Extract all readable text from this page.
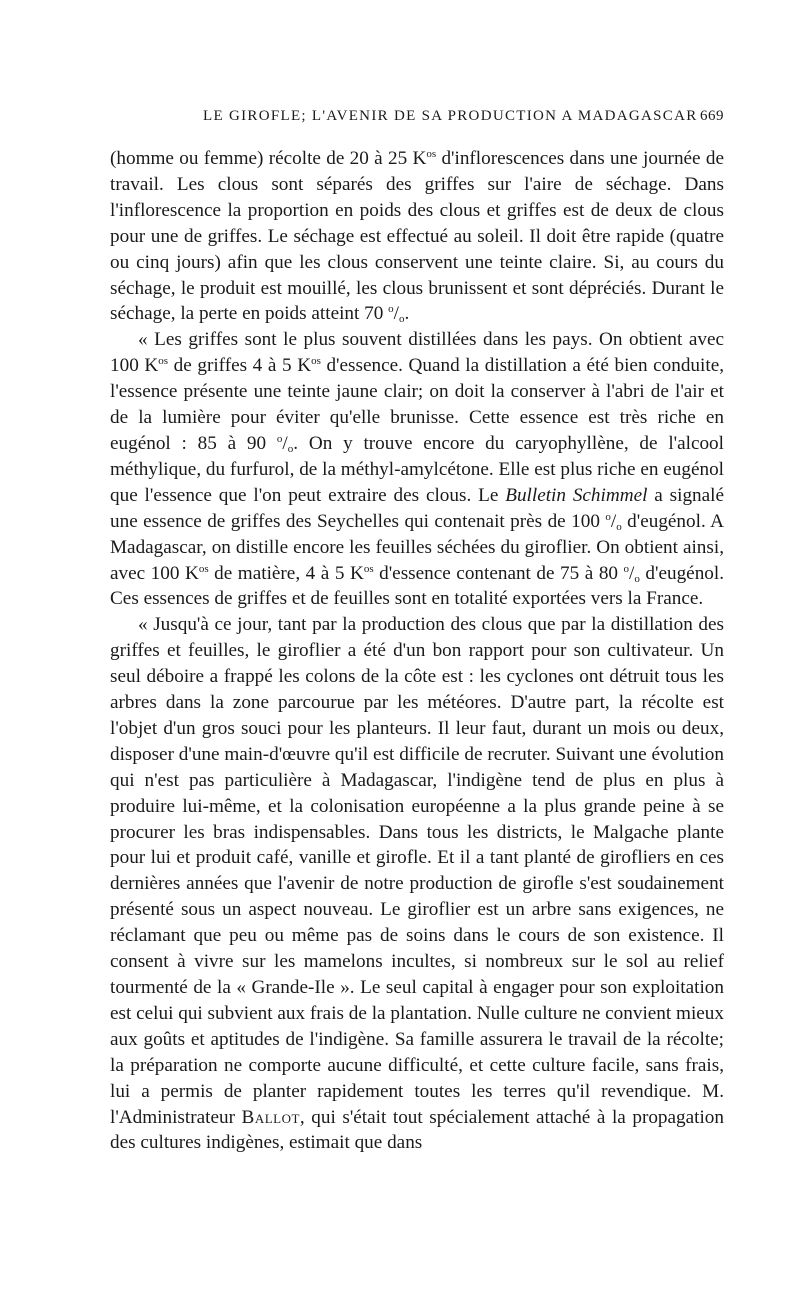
LE GIROFLE; L'AVENIR DE SA PRODUCTION A MADAGASCAR 669

(homme ou femme) récolte de 20 à 25 $K^{os}$ d'inflorescences dans une journée de travail. Les clous sont séparés des griffes sur l'aire de séchage. Dans l'inflorescence la proportion en poids des clous et griffes est de deux de clous pour une de griffes. Le séchage est effectué au soleil. Il doit être rapide (quatre ou cinq jours) afin que les clous conservent une teinte claire. Si, au cours du séchage, le produit est mouillé, les clous brunissent et sont dépréciés. Durant le séchage, la perte en poids atteint 70 $^o/_o$.

« Les griffes sont le plus souvent distillées dans les pays. On obtient avec 100 $K^{os}$ de griffes 4 à 5 $K^{os}$ d'essence. Quand la distillation a été bien conduite, l'essence présente une teinte jaune clair; on doit la conserver à l'abri de l'air et de la lumière pour éviter qu'elle brunisse. Cette essence est très riche en eugénol : 85 à 90 $^o/_o$. On y trouve encore du caryophyllène, de l'alcool méthylique, du furfurol, de la méthyl-amylcétone. Elle est plus riche en eugénol que l'essence que l'on peut extraire des clous. Le Bulletin Schimmel a signalé une essence de griffes des Seychelles qui contenait près de 100 $^o/_o$ d'eugénol. A Madagascar, on distille encore les feuilles séchées du giroflier. On obtient ainsi, avec 100 $K^{os}$ de matière, 4 à 5 $K^{os}$ d'essence contenant de 75 à 80 $^o/_o$ d'eugénol. Ces essences de griffes et de feuilles sont en totalité exportées vers la France.

« Jusqu'à ce jour, tant par la production des clous que par la distillation des griffes et feuilles, le giroflier a été d'un bon rapport pour son cultivateur. Un seul déboire a frappé les colons de la côte est : les cyclones ont détruit tous les arbres dans la zone parcourue par les météores. D'autre part, la récolte est l'objet d'un gros souci pour les planteurs. Il leur faut, durant un mois ou deux, disposer d'une main-d'œuvre qu'il est difficile de recruter. Suivant une évolution qui n'est pas particulière à Madagascar, l'indigène tend de plus en plus à produire lui-même, et la colonisation européenne a la plus grande peine à se procurer les bras indispensables. Dans tous les districts, le Malgache plante pour lui et produit café, vanille et girofle. Et il a tant planté de girofliers en ces dernières années que l'avenir de notre production de girofle s'est soudainement présenté sous un aspect nouveau. Le giroflier est un arbre sans exigences, ne réclamant que peu ou même pas de soins dans le cours de son existence. Il consent à vivre sur les mamelons incultes, si nombreux sur le sol au relief tourmenté de la « Grande-Ile ». Le seul capital à engager pour son exploitation est celui qui subvient aux frais de la plantation. Nulle culture ne convient mieux aux goûts et aptitudes de l'indigène. Sa famille assurera le travail de la récolte; la préparation ne comporte aucune difficulté, et cette culture facile, sans frais, lui a permis de planter rapidement toutes les terres qu'il revendique. M. l'Administrateur Ballot, qui s'était tout spécialement attaché à la propagation des cultures indigènes, estimait que dans
